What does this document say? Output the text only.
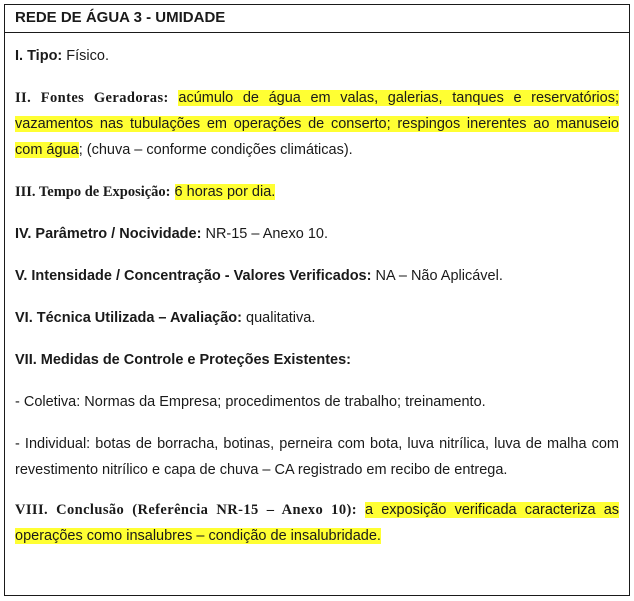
REDE DE ÁGUA 3 - UMIDADE

I. Tipo: Físico.

II. Fontes Geradoras: acúmulo de água em valas, galerias, tanques e reservatórios; vazamentos nas tubulações em operações de conserto; respingos inerentes ao manuseio com água; (chuva – conforme condições climáticas).

III. Tempo de Exposição: 6 horas por dia.

IV. Parâmetro / Nocividade: NR-15 – Anexo 10.

V. Intensidade / Concentração - Valores Verificados: NA – Não Aplicável.

VI. Técnica Utilizada – Avaliação: qualitativa.

VII. Medidas de Controle e Proteções Existentes:

- Coletiva: Normas da Empresa; procedimentos de trabalho; treinamento.

- Individual: botas de borracha, botinas, perneira com bota, luva nitrílica, luva de malha com revestimento nitrílico e capa de chuva – CA registrado em recibo de entrega.

VIII. Conclusão (Referência NR-15 – Anexo 10): a exposição verificada caracteriza as operações como insalubres – condição de insalubridade.
